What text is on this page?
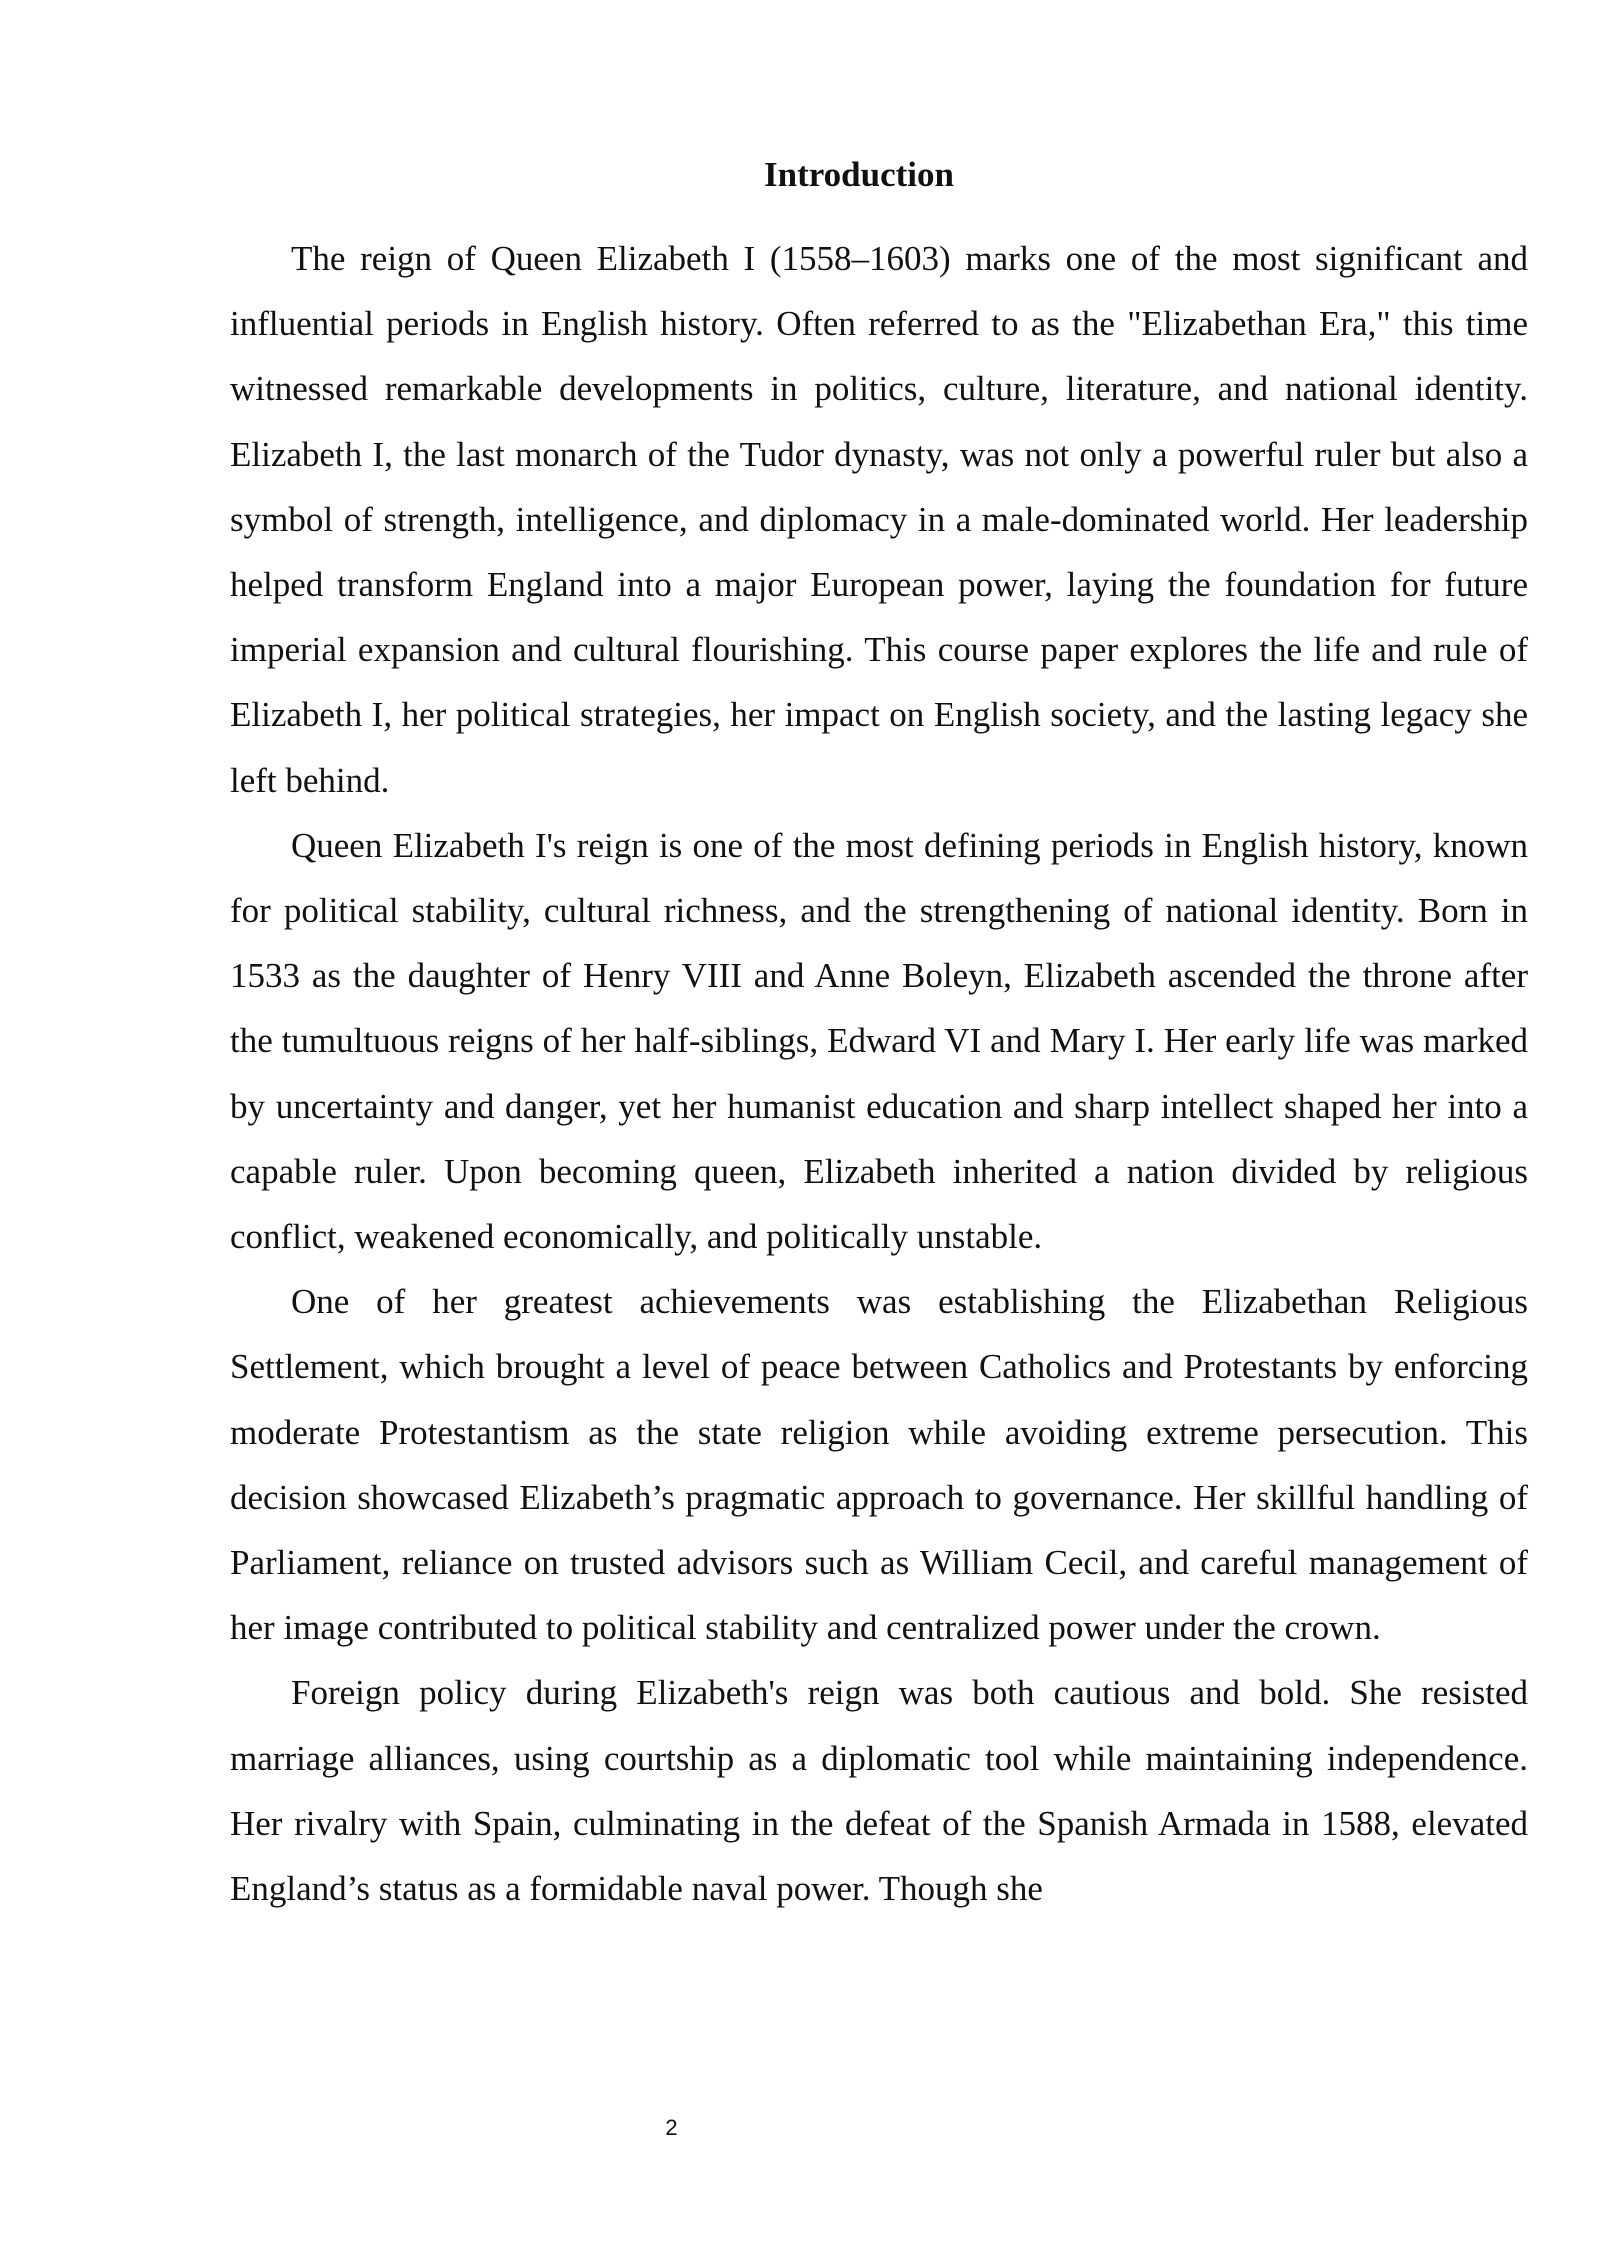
Introduction

The reign of Queen Elizabeth I (1558–1603) marks one of the most significant and influential periods in English history. Often referred to as the "Elizabethan Era," this time witnessed remarkable developments in politics, culture, literature, and national identity. Elizabeth I, the last monarch of the Tudor dynasty, was not only a powerful ruler but also a symbol of strength, intelligence, and diplomacy in a male-dominated world. Her leadership helped transform England into a major European power, laying the foundation for future imperial expansion and cultural flourishing. This course paper explores the life and rule of Elizabeth I, her political strategies, her impact on English society, and the lasting legacy she left behind.

Queen Elizabeth I's reign is one of the most defining periods in English history, known for political stability, cultural richness, and the strengthening of national identity. Born in 1533 as the daughter of Henry VIII and Anne Boleyn, Elizabeth ascended the throne after the tumultuous reigns of her half-siblings, Edward VI and Mary I. Her early life was marked by uncertainty and danger, yet her humanist education and sharp intellect shaped her into a capable ruler. Upon becoming queen, Elizabeth inherited a nation divided by religious conflict, weakened economically, and politically unstable.

One of her greatest achievements was establishing the Elizabethan Religious Settlement, which brought a level of peace between Catholics and Protestants by enforcing moderate Protestantism as the state religion while avoiding extreme persecution. This decision showcased Elizabeth’s pragmatic approach to governance. Her skillful handling of Parliament, reliance on trusted advisors such as William Cecil, and careful management of her image contributed to political stability and centralized power under the crown.

Foreign policy during Elizabeth's reign was both cautious and bold. She resisted marriage alliances, using courtship as a diplomatic tool while maintaining independence. Her rivalry with Spain, culminating in the defeat of the Spanish Armada in 1588, elevated England’s status as a formidable naval power. Though she

2
